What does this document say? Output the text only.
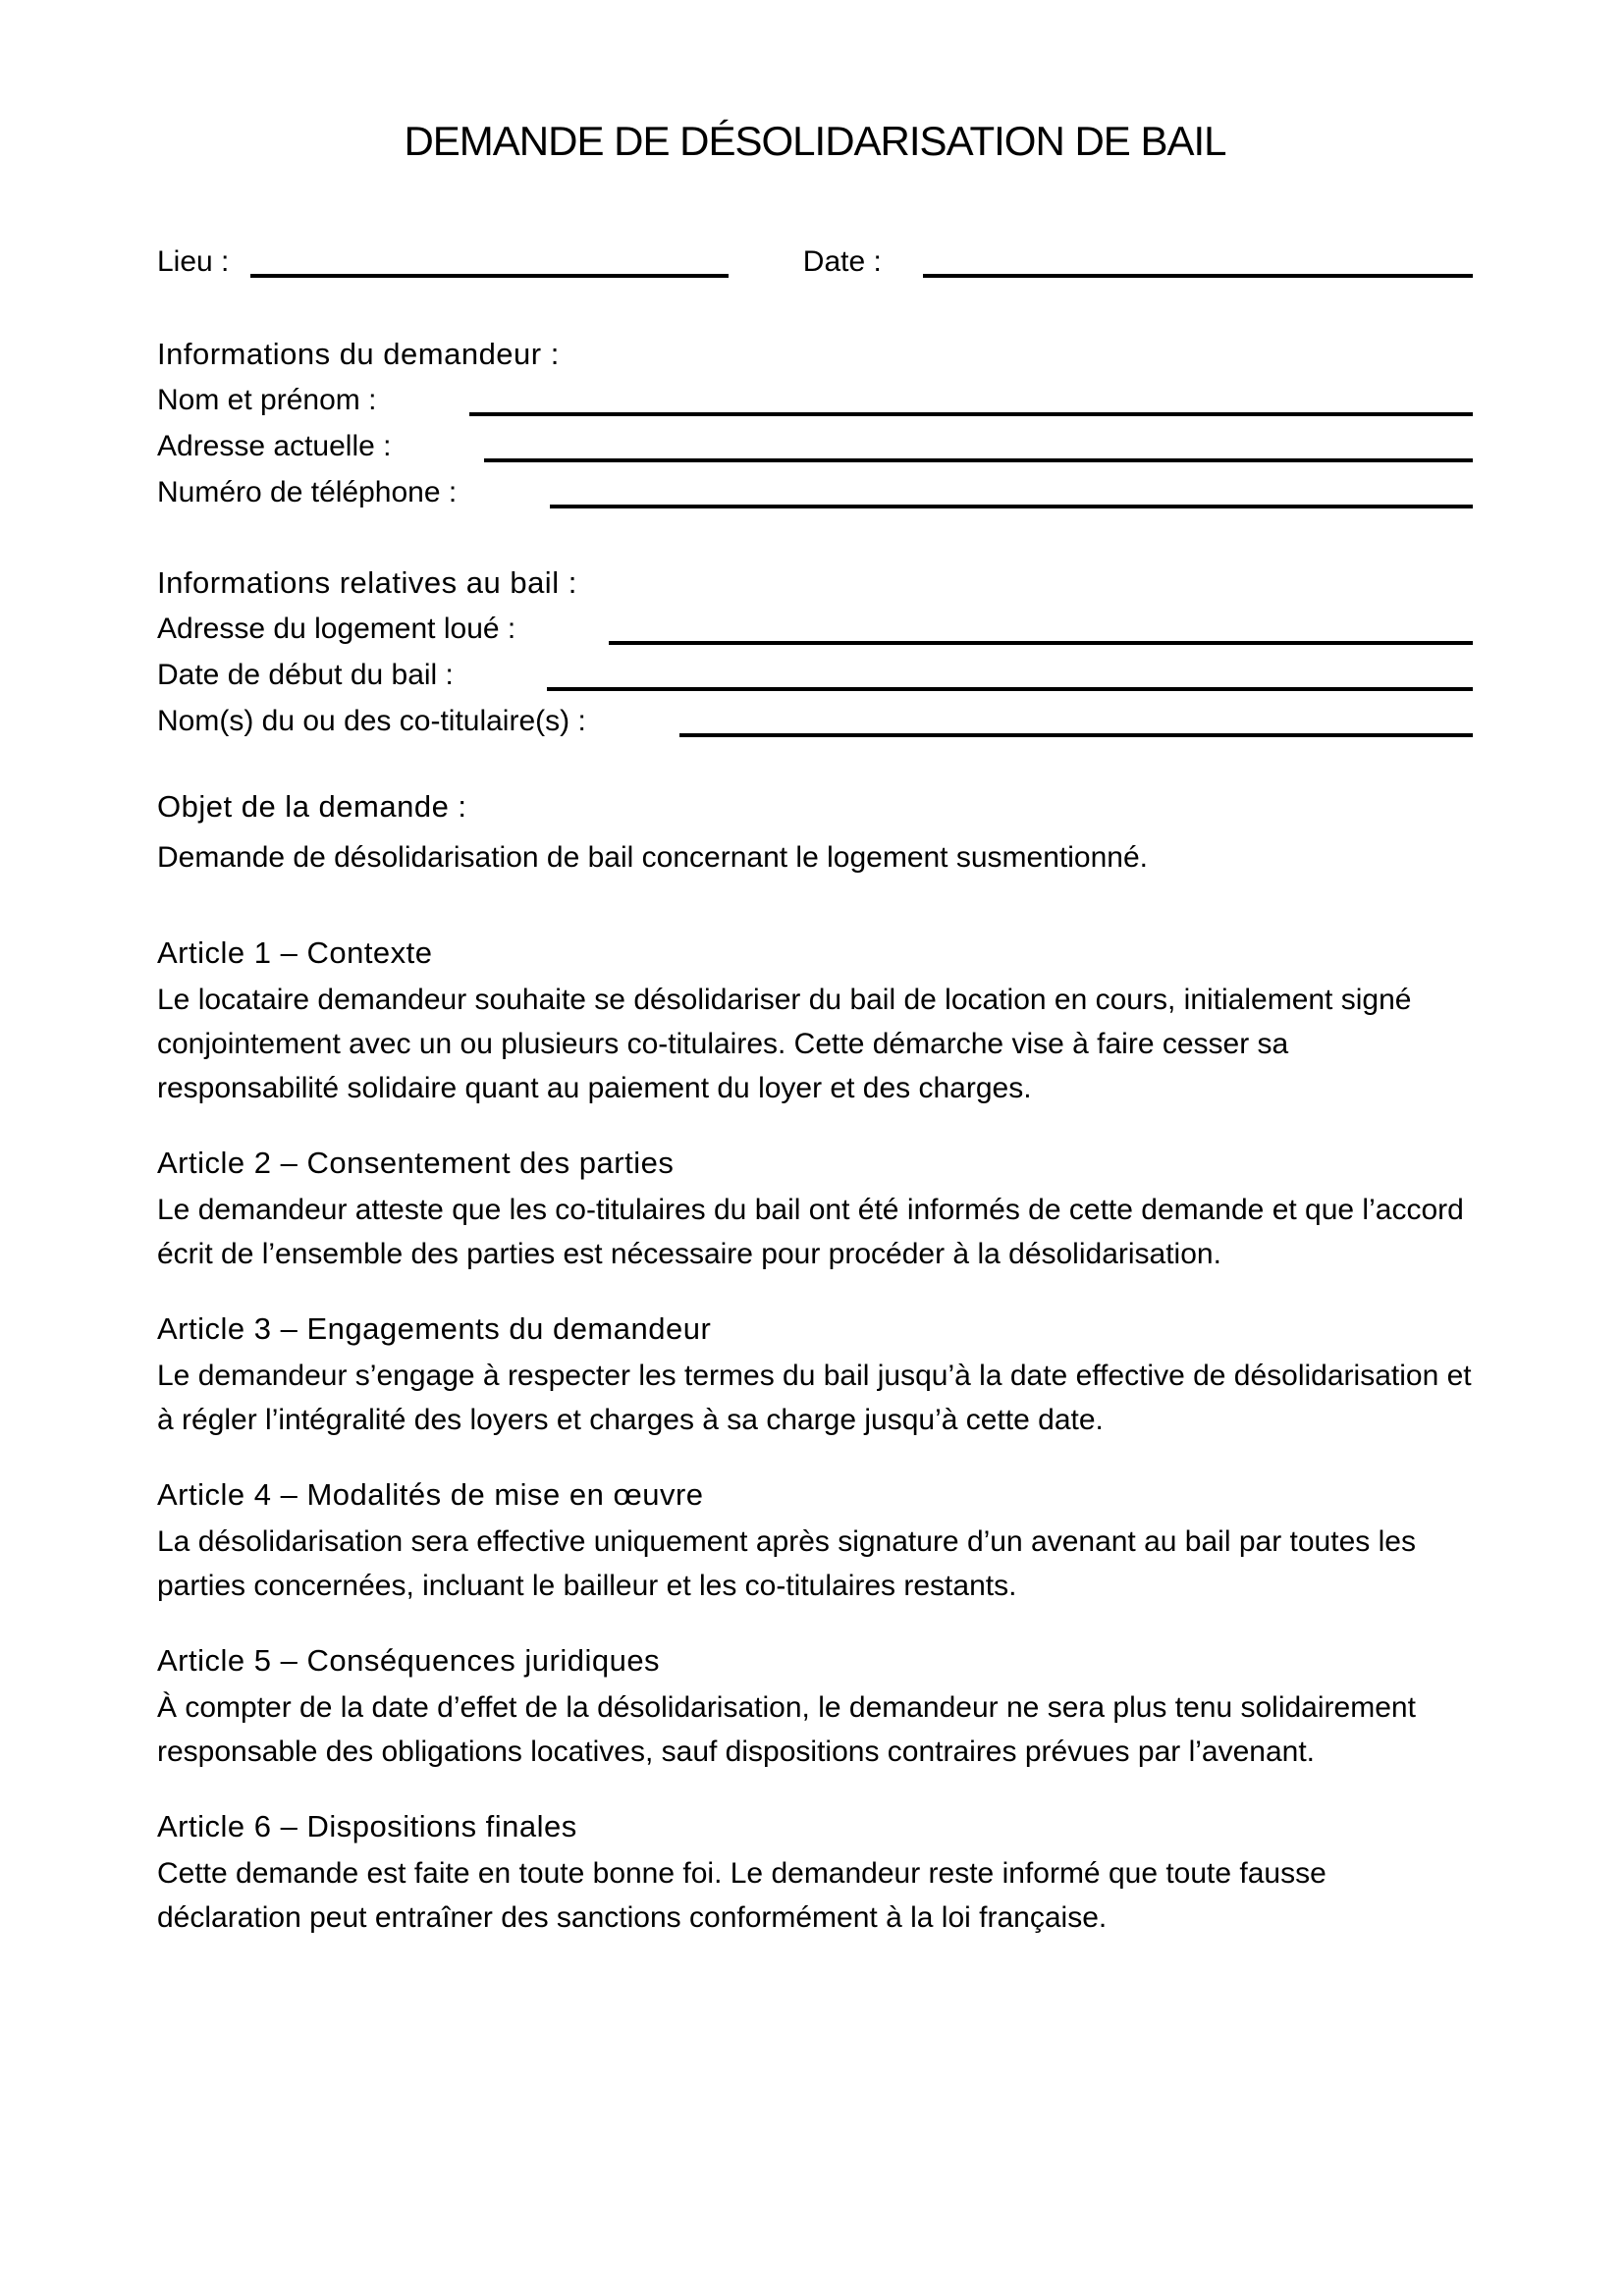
DEMANDE DE DÉSOLIDARISATION DE BAIL
Lieu :	Date :
Informations du demandeur :
Nom et prénom :
Adresse actuelle :
Numéro de téléphone :
Informations relatives au bail :
Adresse du logement loué :
Date de début du bail :
Nom(s) du ou des co-titulaire(s) :
Objet de la demande :

Demande de désolidarisation de bail concernant le logement susmentionné.

Article 1 – Contexte

Le locataire demandeur souhaite se désolidariser du bail de location en cours, initialement signé conjointement avec un ou plusieurs co-titulaires. Cette démarche vise à faire cesser sa responsabilité solidaire quant au paiement du loyer et des charges.

Article 2 – Consentement des parties

Le demandeur atteste que les co-titulaires du bail ont été informés de cette demande et que l’accord écrit de l’ensemble des parties est nécessaire pour procéder à la désolidarisation.

Article 3 – Engagements du demandeur

Le demandeur s’engage à respecter les termes du bail jusqu’à la date effective de désolidarisation et à régler l’intégralité des loyers et charges à sa charge jusqu’à cette date.

Article 4 – Modalités de mise en œuvre

La désolidarisation sera effective uniquement après signature d’un avenant au bail par toutes les parties concernées, incluant le bailleur et les co-titulaires restants.

Article 5 – Conséquences juridiques

À compter de la date d’effet de la désolidarisation, le demandeur ne sera plus tenu solidairement responsable des obligations locatives, sauf dispositions contraires prévues par l’avenant.

Article 6 – Dispositions finales

Cette demande est faite en toute bonne foi. Le demandeur reste informé que toute fausse déclaration peut entraîner des sanctions conformément à la loi française.
